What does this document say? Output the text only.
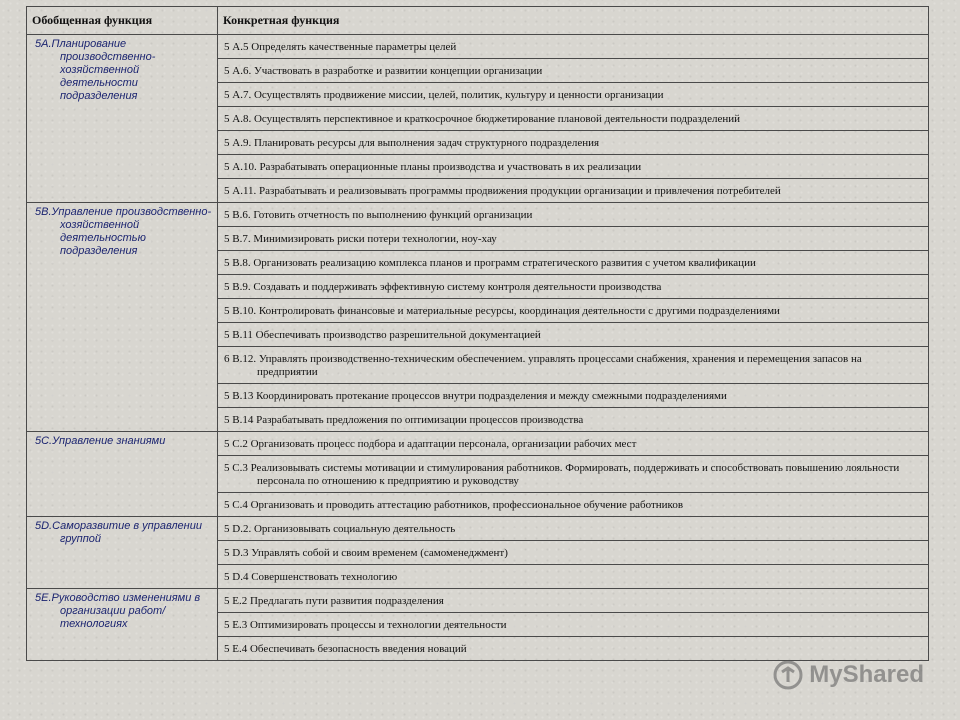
Обобщенная функция	Конкретная функция

5А.Планирование производственно-хозяйственной деятельности подразделения	5 А.5 Определять качественные параметры целей

	5 А.6. Участвовать в разработке и развитии концепции организации

	5 А.7. Осуществлять продвижение миссии, целей, политик, культуру и ценности организации

	5 А.8. Осуществлять перспективное и краткосрочное бюджетирование плановой деятельности подразделений

	5 А.9. Планировать ресурсы для выполнения задач структурного подразделения

	5 А.10. Разрабатывать операционные планы производства и участвовать в их реализации

	5 А.11. Разрабатывать и реализовывать программы продвижения продукции организации и привлечения потребителей

5В.Управление производственно-хозяйственной деятельностью подразделения	5 В.6. Готовить отчетность по выполнению функций организации

	5 В.7. Минимизировать риски потери технологии, ноу-хау

	5 В.8. Организовать реализацию комплекса планов и программ стратегического развития с учетом квалификации

	5 В.9. Создавать и поддерживать эффективную систему контроля деятельности производства

	5 В.10. Контролировать финансовые и материальные ресурсы, координация деятельности с другими подразделениями

	5 В.11 Обеспечивать производство разрешительной документацией

	6 В.12. Управлять производственно-техническим обеспечением. управлять процессами снабжения, хранения и перемещения запасов на предприятии

	5 В.13 Координировать протекание процессов внутри подразделения и между смежными подразделениями

	5 В.14 Разрабатывать предложения по оптимизации процессов производства

5С.Управление знаниями	5 С.2 Организовать процесс подбора и адаптации персонала, организации рабочих мест

	5 С.3 Реализовывать системы мотивации и стимулирования работников. Формировать, поддерживать и способствовать повышению лояльности персонала по отношению к предприятию и руководству

	5 С.4 Организовать и проводить аттестацию работников, профессиональное обучение работников

5D.Саморазвитие в управлении группой	5 D.2. Организовывать социальную деятельность

	5 D.3 Управлять собой и своим временем (самоменеджмент)

	5 D.4 Совершенствовать технологию

5Е.Руководство изменениями в организации работ/технологиях	5 Е.2 Предлагать пути развития подразделения

	5 Е.3 Оптимизировать процессы и технологии деятельности

	5 Е.4 Обеспечивать безопасность введения новаций
MyShared
